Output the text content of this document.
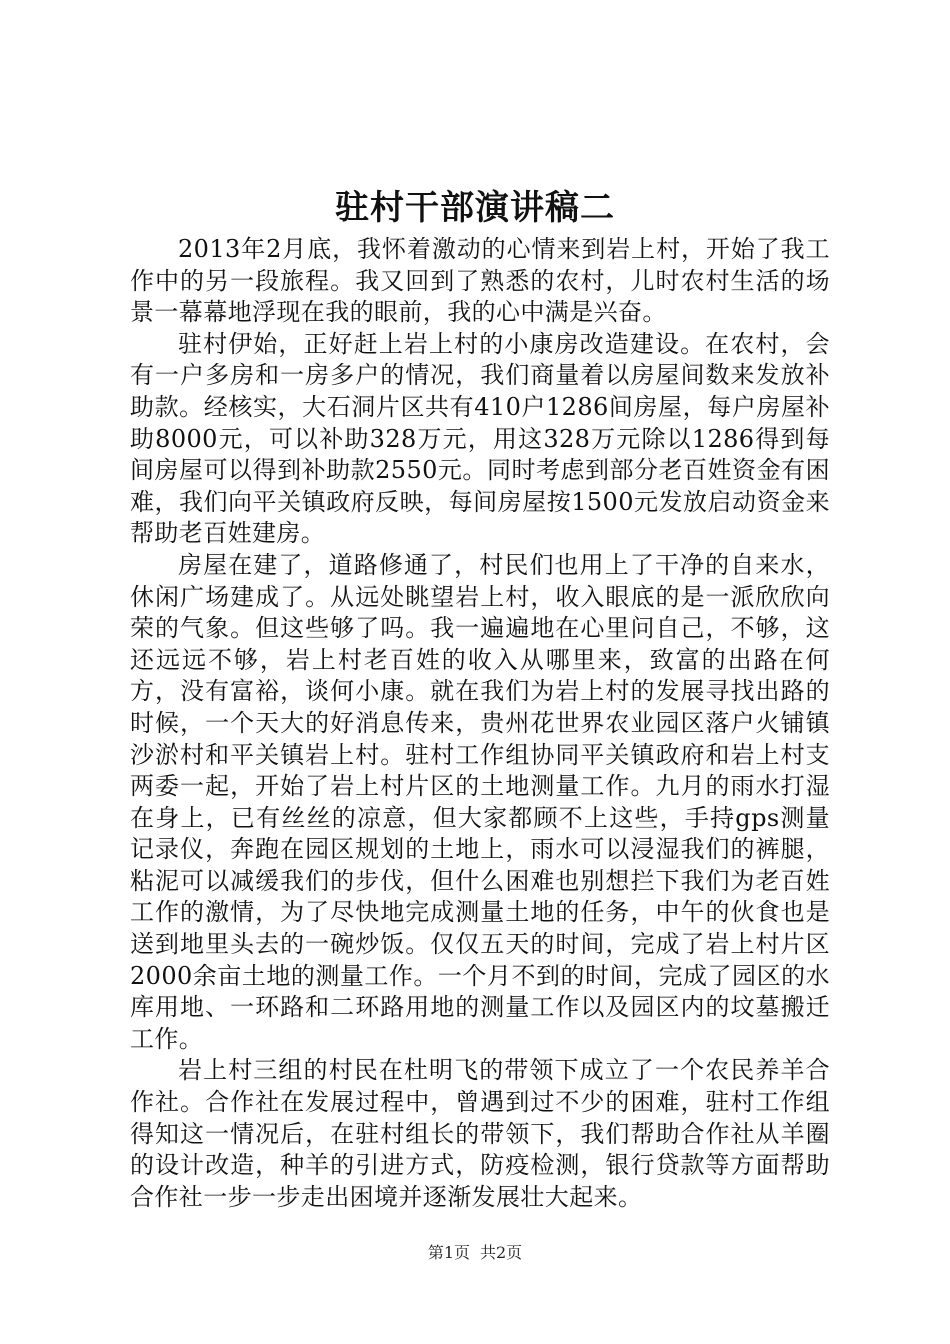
驻村干部演讲稿二

2013年2月底，我怀着激动的心情来到岩上村，开始了我工作中的另一段旅程。我又回到了熟悉的农村，儿时农村生活的场景一幕幕地浮现在我的眼前，我的心中满是兴奋。

驻村伊始，正好赶上岩上村的小康房改造建设。在农村，会有一户多房和一房多户的情况，我们商量着以房屋间数来发放补助款。经核实，大石洞片区共有410户1286间房屋，每户房屋补助8000元，可以补助328万元，用这328万元除以1286得到每间房屋可以得到补助款2550元。同时考虑到部分老百姓资金有困难，我们向平关镇政府反映，每间房屋按1500元发放启动资金来帮助老百姓建房。

房屋在建了，道路修通了，村民们也用上了干净的自来水，休闲广场建成了。从远处眺望岩上村，收入眼底的是一派欣欣向荣的气象。但这些够了吗。我一遍遍地在心里问自己，不够，这还远远不够，岩上村老百姓的收入从哪里来，致富的出路在何方，没有富裕，谈何小康。就在我们为岩上村的发展寻找出路的时候，一个天大的好消息传来，贵州花世界农业园区落户火铺镇沙淤村和平关镇岩上村。驻村工作组协同平关镇政府和岩上村支两委一起，开始了岩上村片区的土地测量工作。九月的雨水打湿在身上，已有丝丝的凉意，但大家都顾不上这些，手持gps测量记录仪，奔跑在园区规划的土地上，雨水可以浸湿我们的裤腿，粘泥可以减缓我们的步伐，但什么困难也别想拦下我们为老百姓工作的激情，为了尽快地完成测量土地的任务，中午的伙食也是送到地里头去的一碗炒饭。仅仅五天的时间，完成了岩上村片区2000余亩土地的测量工作。一个月不到的时间，完成了园区的水库用地、一环路和二环路用地的测量工作以及园区内的坟墓搬迁工作。

岩上村三组的村民在杜明飞的带领下成立了一个农民养羊合作社。合作社在发展过程中，曾遇到过不少的困难，驻村工作组得知这一情况后，在驻村组长的带领下，我们帮助合作社从羊圈的设计改造，种羊的引进方式，防疫检测，银行贷款等方面帮助合作社一步一步走出困境并逐渐发展壮大起来。

第1页 共2页
